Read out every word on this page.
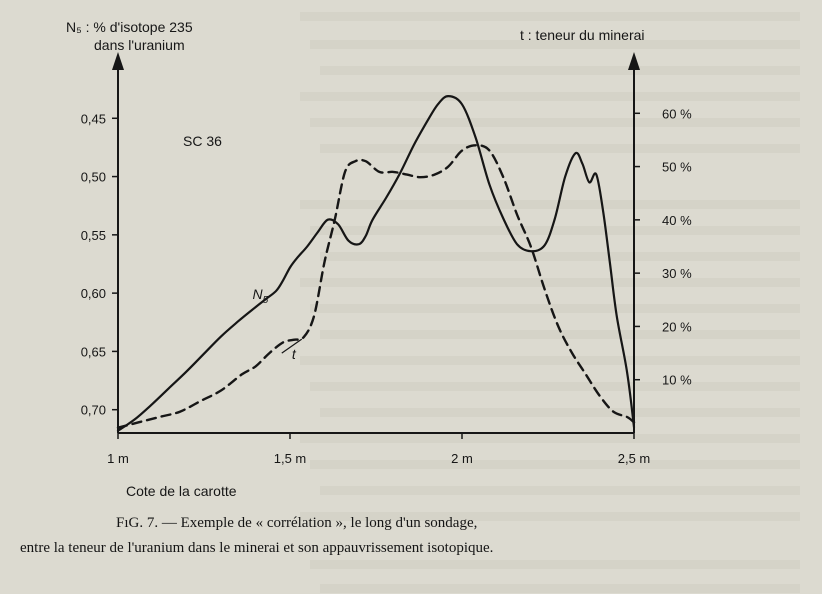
N₅ : % d'isotope 235
dans l'uranium
t : teneur du minerai
SC 36
Cote de la carotte
0,45
0,50
0,55
0,60
0,65
0,70
60 %
50 %
40 %
30 %
20 %
10 %
1 m	1,5 m	2 m	2,5 m
$N_5$
t
FıG. 7. — Exemple de « corrélation », le long d'un sondage,
entre la teneur de l'uranium dans le minerai et son appauvrissement isotopique.
